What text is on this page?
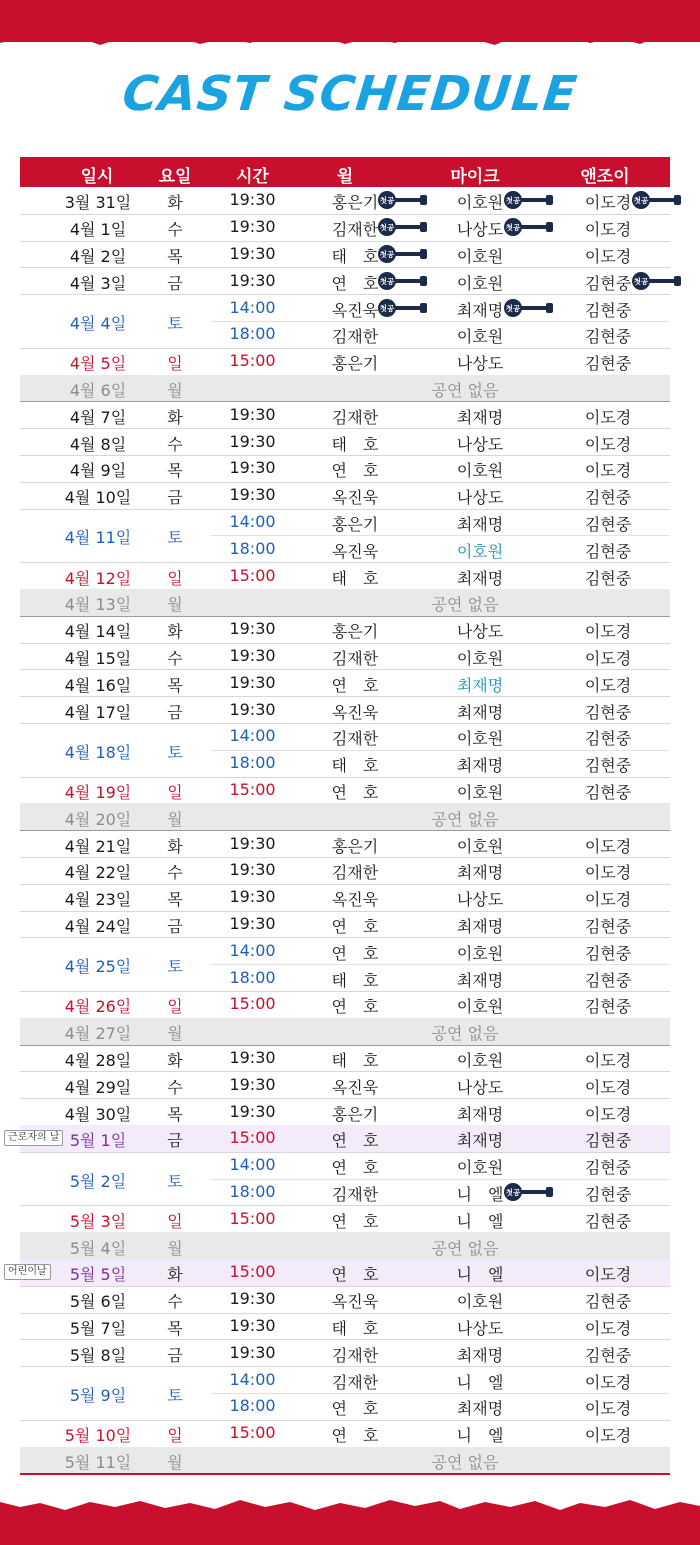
CAST SCHEDULE
일시	요일	시간	윌	마이크	앤조이
3월 31일	화	19:30	홍은기	이호원	이도경
첫공	첫공	첫공
4월 1일	수	19:30	김재한	나상도	이도경
첫공	첫공
4월 2일	목	19:30	태　호	이호원	이도경
첫공
4월 3일	금	19:30	연　호	이호원	김현중
첫공	첫공
4월 4일	토
14:00	옥진욱	최재명	김현중
첫공	첫공
18:00	김재한	이호원	김현중
4월 5일	일	15:00	홍은기	나상도	김현중
4월 6일	월	공연 없음
4월 7일	화	19:30	김재한	최재명	이도경
4월 8일	수	19:30	태　호	나상도	이도경
4월 9일	목	19:30	연　호	이호원	이도경
4월 10일	금	19:30	옥진욱	나상도	김현중
4월 11일	토
14:00	홍은기	최재명	김현중
18:00	옥진욱	이호원	김현중
4월 12일	일	15:00	태　호	최재명	김현중
4월 13일	월	공연 없음
4월 14일	화	19:30	홍은기	나상도	이도경
4월 15일	수	19:30	김재한	이호원	이도경
4월 16일	목	19:30	연　호	최재명	이도경
4월 17일	금	19:30	옥진욱	최재명	김현중
4월 18일	토
14:00	김재한	이호원	김현중
18:00	태　호	최재명	김현중
4월 19일	일	15:00	연　호	이호원	김현중
4월 20일	월	공연 없음
4월 21일	화	19:30	홍은기	이호원	이도경
4월 22일	수	19:30	김재한	최재명	이도경
4월 23일	목	19:30	옥진욱	나상도	이도경
4월 24일	금	19:30	연　호	최재명	김현중
4월 25일	토
14:00	연　호	이호원	김현중
18:00	태　호	최재명	김현중
4월 26일	일	15:00	연　호	이호원	김현중
4월 27일	월	공연 없음
4월 28일	화	19:30	태　호	이호원	이도경
4월 29일	수	19:30	옥진욱	나상도	이도경
4월 30일	목	19:30	홍은기	최재명	이도경
5월 1일	금
근로자의 날	15:00	연　호	최재명	김현중
5월 2일	토
14:00	연　호	이호원	김현중
18:00	김재한	니　엘	김현중
첫공
5월 3일	일	15:00	연　호	니　엘	김현중
5월 4일	월	공연 없음
5월 5일	화
어린이날	15:00	연　호	니　엘	이도경
5월 6일	수	19:30	옥진욱	이호원	김현중
5월 7일	목	19:30	태　호	나상도	이도경
5월 8일	금	19:30	김재한	최재명	김현중
5월 9일	토
14:00	김재한	니　엘	이도경
18:00	연　호	최재명	이도경
5월 10일	일	15:00	연　호	니　엘	이도경
5월 11일	월	공연 없음
